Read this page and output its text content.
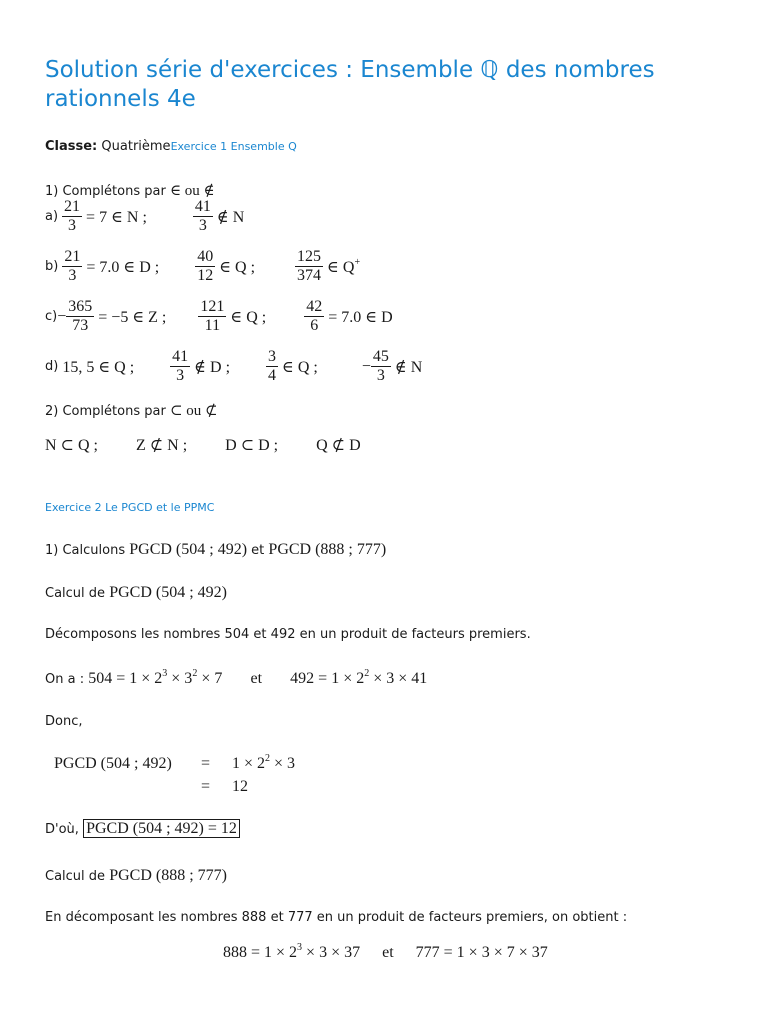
Solution série d'exercices : Ensemble ℚ des nombres rationnels 4e
Classe: QuatrièmeExercice 1 Ensemble Q
1) Complétons par ∈ ou ∉
$a) \frac{21}{3} = 7$ ∈ N ;	$\frac{41}{3}$ ∉ N
$b) \frac{21}{3} = 7.0$ ∈ D ; $\frac{40}{12}$ ∈ Q ;	$\frac{125}{374}$ ∈ Q+
$c) - \frac{365}{73} = -5$ ∈ Z ; $\frac{121}{11}$ ∈ Q ; $\frac{42}{6} = 7.0$ ∈ D
d) 15, 5 ∈ Q ; $\frac{41}{3}$ ∉ D ; $\frac{3}{4}$ ∈ Q ;	− $\frac{45}{3}$ ∉ N
2) Complétons par ⊂ ou ⊄
N ⊂ Q ; Z ⊄ N ; D ⊂ D ; Q ⊄ D
Exercice 2 Le PGCD et le PPMC
1) Calculons PGCD (504 ; 492) et PGCD (888 ; 777)
Calcul de PGCD (504 ; 492)
Décomposons les nombres 504 et 492 en un produit de facteurs premiers.
On a : $504 = 1 \times 2^3 \times 3^2 \times 7$ et $492 = 1 \times 2^2 \times 3 \times 41$
Donc,
PGCD (504 ; $492) = 1 \times 2^2 \times 3$
= 12
D'où, PGCD (504 ; 492) = 12
Calcul de PGCD (888 ; 777)
En décomposant les nombres 888 et 777 en un produit de facteurs premiers, on obtient :
$888 = 1 \times 2^3 \times 3 \times 37$ et 777 = 1 × 3 × 7 × 37
